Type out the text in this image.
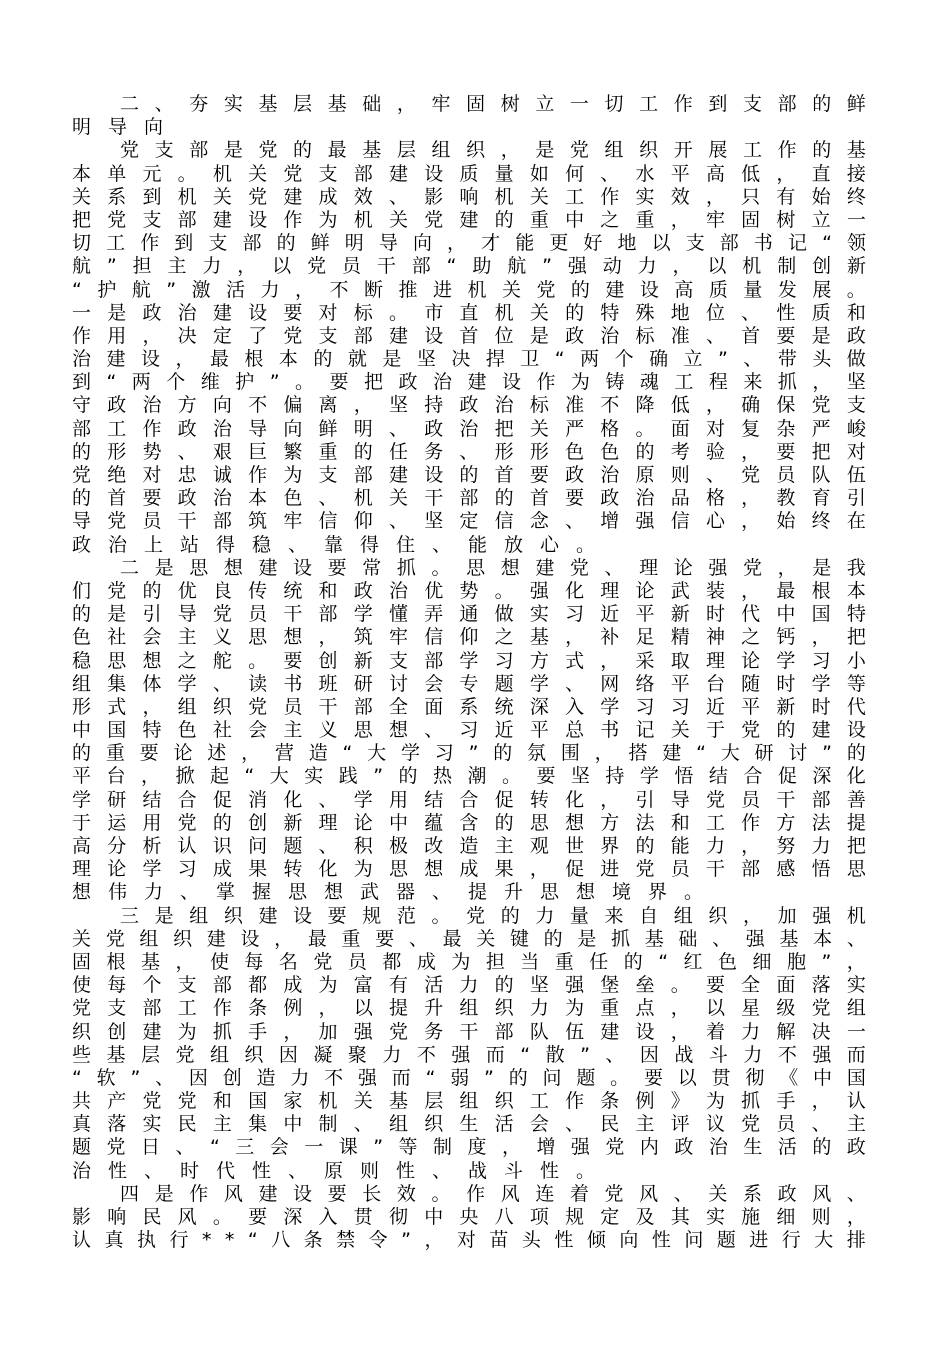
二 、 夯 实 基 层 基 础 ， 牢 固 树 立 一 切 工 作 到 支 部 的 鲜
明导向
党 支 部 是 党 的 最 基 层 组 织 ， 是 党 组 织 开 展 工 作 的 基
本 单 元 。 机 关 党 支 部 建 设 质 量 如 何 、 水 平 高 低 ， 直 接
关 系 到 机 关 党 建 成 效 、 影 响 机 关 工 作 实 效 ， 只 有 始 终
把 党 支 部 建 设 作 为 机 关 党 建 的 重 中 之 重 ， 牢 固 树 立 一
切 工 作 到 支 部 的 鲜 明 导 向 ， 才 能 更 好 地 以 支 部 书 记 “ 领
航 ” 担 主 力 ， 以 党 员 干 部 “ 助 航 ” 强 动 力 ， 以 机 制 创 新
“ 护 航 ” 激 活 力 ， 不 断 推 进 机 关 党 的 建 设 高 质 量 发 展 。
一 是 政 治 建 设 要 对 标 。 市 直 机 关 的 特 殊 地 位 、 性 质 和
作 用 ， 决 定 了 党 支 部 建 设 首 位 是 政 治 标 准 、 首 要 是 政
治 建 设 ， 最 根 本 的 就 是 坚 决 捍 卫 “ 两 个 确 立 ” 、 带 头 做
到 “ 两 个 维 护 ” 。 要 把 政 治 建 设 作 为 铸 魂 工 程 来 抓 ， 坚
守 政 治 方 向 不 偏 离 ， 坚 持 政 治 标 准 不 降 低 ， 确 保 党 支
部 工 作 政 治 导 向 鲜 明 、 政 治 把 关 严 格 。 面 对 复 杂 严 峻
的 形 势 、 艰 巨 繁 重 的 任 务 、 形 形 色 色 的 考 验 ， 要 把 对
党 绝 对 忠 诚 作 为 支 部 建 设 的 首 要 政 治 原 则 、 党 员 队 伍
的 首 要 政 治 本 色 、 机 关 干 部 的 首 要 政 治 品 格 ， 教 育 引
导 党 员 干 部 筑 牢 信 仰 、 坚 定 信 念 、 增 强 信 心 ， 始 终 在
政治上站得稳、靠得住、能放心。
二 是 思 想 建 设 要 常 抓 。 思 想 建 党 、 理 论 强 党 ， 是 我
们 党 的 优 良 传 统 和 政 治 优 势 。 强 化 理 论 武 装 ， 最 根 本
的 是 引 导 党 员 干 部 学 懂 弄 通 做 实 习 近 平 新 时 代 中 国 特
色 社 会 主 义 思 想 ， 筑 牢 信 仰 之 基 ， 补 足 精 神 之 钙 ， 把
稳 思 想 之 舵 。 要 创 新 支 部 学 习 方 式 ， 采 取 理 论 学 习 小
组 集 体 学 、 读 书 班 研 讨 会 专 题 学 、 网 络 平 台 随 时 学 等
形 式 ， 组 织 党 员 干 部 全 面 系 统 深 入 学 习 习 近 平 新 时 代
中 国 特 色 社 会 主 义 思 想 、 习 近 平 总 书 记 关 于 党 的 建 设
的 重 要 论 述 ， 营 造 “ 大 学 习 ” 的 氛 围 ， 搭 建 “ 大 研 讨 ” 的
平 台 ， 掀 起 “ 大 实 践 ” 的 热 潮 。 要 坚 持 学 悟 结 合 促 深 化
学 研 结 合 促 消 化 、 学 用 结 合 促 转 化 ， 引 导 党 员 干 部 善
于 运 用 党 的 创 新 理 论 中 蕴 含 的 思 想 方 法 和 工 作 方 法 提
高 分 析 认 识 问 题 、 积 极 改 造 主 观 世 界 的 能 力 ， 努 力 把
理 论 学 习 成 果 转 化 为 思 想 成 果 ， 促 进 党 员 干 部 感 悟 思
想伟力、掌握思想武器、提升思想境界。
三 是 组 织 建 设 要 规 范 。 党 的 力 量 来 自 组 织 ， 加 强 机
关 党 组 织 建 设 ， 最 重 要 、 最 关 键 的 是 抓 基 础 、 强 基 本 、
固 根 基 ， 使 每 名 党 员 都 成 为 担 当 重 任 的 “ 红 色 细 胞 ” ，
使 每 个 支 部 都 成 为 富 有 活 力 的 坚 强 堡 垒 。 要 全 面 落 实
党 支 部 工 作 条 例 ， 以 提 升 组 织 力 为 重 点 ， 以 星 级 党 组
织 创 建 为 抓 手 ， 加 强 党 务 干 部 队 伍 建 设 ， 着 力 解 决 一
些 基 层 党 组 织 因 凝 聚 力 不 强 而 “ 散 ” 、 因 战 斗 力 不 强 而
“ 软 ” 、 因 创 造 力 不 强 而 “ 弱 ” 的 问 题 。 要 以 贯 彻 《 中 国
共 产 党 党 和 国 家 机 关 基 层 组 织 工 作 条 例 》 为 抓 手 ， 认
真 落 实 民 主 集 中 制 、 组 织 生 活 会 、 民 主 评 议 党 员 、 主
题 党 日 、 “ 三 会 一 课 ” 等 制 度 ， 增 强 党 内 政 治 生 活 的 政
治性、时代性、原则性、战斗性。
四 是 作 风 建 设 要 长 效 。 作 风 连 着 党 风 、 关 系 政 风 、
影 响 民 风 。 要 深 入 贯 彻 中 央 八 项 规 定 及 其 实 施 细 则 ，
认 真 执 行 * * “ 八 条 禁 令 ” ， 对 苗 头 性 倾 向 性 问 题 进 行 大 排
